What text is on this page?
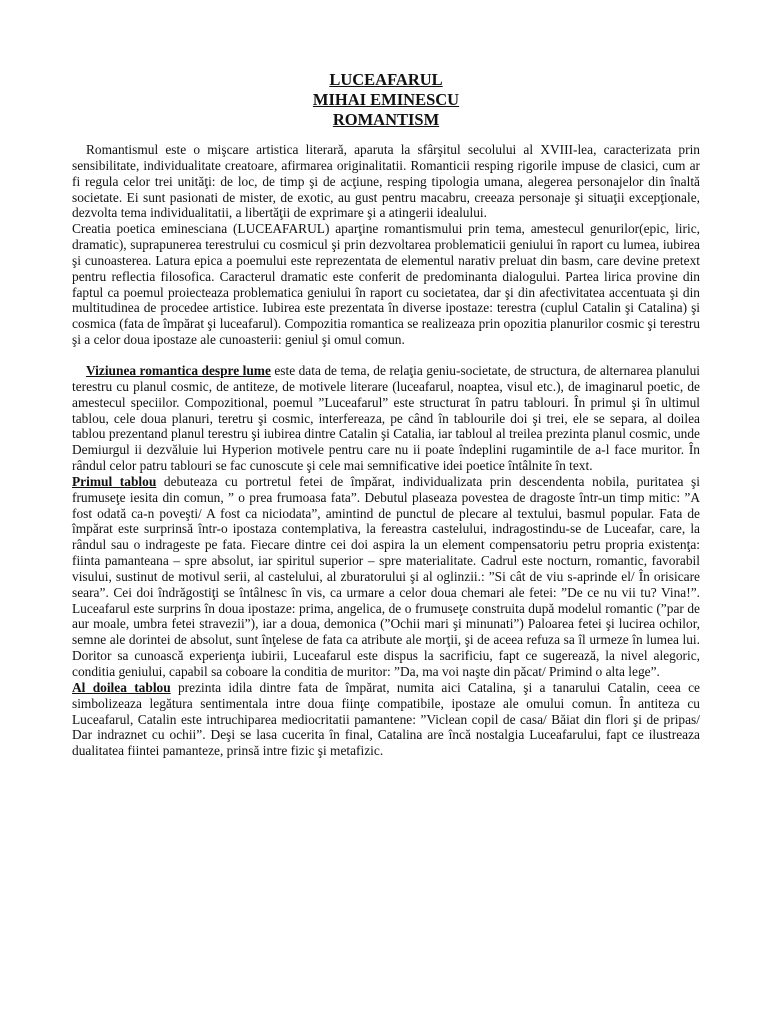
LUCEAFARUL
MIHAI EMINESCU
ROMANTISM

Romantismul este o mişcare artistica literară, aparuta la sfârşitul secolului al XVIII-lea, caracterizata prin sensibilitate, individualitate creatoare, afirmarea originalitatii. Romanticii resping rigorile impuse de clasici, cum ar fi regula celor trei unităţi: de loc, de timp şi de acţiune, resping tipologia umana, alegerea personajelor din înaltă societate. Ei sunt pasionati de mister, de exotic, au gust pentru macabru, creeaza personaje şi situaţii excepţionale, dezvolta tema individualitatii, a libertăţii de exprimare şi a atingerii idealului.

Creatia poetica eminesciana (LUCEAFARUL) aparţine romantismului prin tema, amestecul genurilor(epic, liric, dramatic), suprapunerea terestrului cu cosmicul şi prin dezvoltarea problematicii geniului în raport cu lumea, iubirea şi cunoasterea. Latura epica a poemului este reprezentata de elementul narativ preluat din basm, care devine pretext pentru reflectia filosofica. Caracterul dramatic este conferit de predominanta dialogului. Partea lirica provine din faptul ca poemul proiecteaza problematica geniului în raport cu societatea, dar şi din afectivitatea accentuata şi din multitudinea de procedee artistice. Iubirea este prezentata în diverse ipostaze: terestra (cuplul Catalin şi Catalina) şi cosmica (fata de împărat şi luceafarul). Compozitia romantica se realizeaza prin opozitia planurilor cosmic şi terestru şi a celor doua ipostaze ale cunoasterii: geniul şi omul comun.

Viziunea romantica despre lume este data de tema, de relaţia geniu-societate, de structura, de alternarea planului terestru cu planul cosmic, de antiteze, de motivele literare (luceafarul, noaptea, visul etc.), de imaginarul poetic, de amestecul speciilor. Compozitional, poemul ”Luceafarul” este structurat în patru tablouri. În primul şi în ultimul tablou, cele doua planuri, teretru şi cosmic, interfereaza, pe când în tablourile doi şi trei, ele se separa, al doilea tablou prezentand planul terestru şi iubirea dintre Catalin şi Catalia, iar tabloul al treilea prezinta planul cosmic, unde Demiurgul ii dezvăluie lui Hyperion motivele pentru care nu ii poate îndeplini rugamintile de a-l face muritor. În rândul celor patru tablouri se fac cunoscute şi cele mai semnificative idei poetice întâlnite în text.

Primul tablou debuteaza cu portretul fetei de împărat, individualizata prin descendenta nobila, puritatea şi frumuseţe iesita din comun, ” o prea frumoasa fata”. Debutul plaseaza povestea de dragoste într-un timp mitic: ”A fost odată ca-n poveşti/ A fost ca niciodata”, amintind de punctul de plecare al textului, basmul popular. Fata de împărat este surprinsă într-o ipostaza contemplativa, la fereastra castelului, indragostindu-se de Luceafar, care, la rândul sau o indrageste pe fata. Fiecare dintre cei doi aspira la un element compensatoriu petru propria existenţa: fiinta pamanteana – spre absolut, iar spiritul superior – spre materialitate. Cadrul este nocturn, romantic, favorabil visului, sustinut de motivul serii, al castelului, al zburatorului şi al oglinzii.: ”Si cât de viu s-aprinde el/ În orisicare seara”. Cei doi îndrăgostiţi se întâlnesc în vis, ca urmare a celor doua chemari ale fetei: ”De ce nu vii tu? Vina!”. Luceafarul este surprins în doua ipostaze: prima, angelica, de o frumuseţe construita după modelul romantic (”par de aur moale, umbra fetei stravezii”), iar a doua, demonica (”Ochii mari şi minunati”) Paloarea fetei şi lucirea ochilor, semne ale dorintei de absolut, sunt înţelese de fata ca atribute ale morţii, şi de aceea refuza sa îl urmeze în lumea lui. Doritor sa cunoască experienţa iubirii, Luceafarul este dispus la sacrificiu, fapt ce sugerează, la nivel alegoric, conditia geniului, capabil sa coboare la conditia de muritor: ”Da, ma voi naşte din păcat/ Primind o alta lege”.

Al doilea tablou prezinta idila dintre fata de împărat, numita aici Catalina, şi a tanarului Catalin, ceea ce simbolizeaza legătura sentimentala intre doua fiinţe compatibile, ipostaze ale omului comun. În antiteza cu Luceafarul, Catalin este intruchiparea mediocritatii pamantene: ”Viclean copil de casa/ Băiat din flori şi de pripas/ Dar indraznet cu ochii”. Deşi se lasa cucerita în final, Catalina are încă nostalgia Luceafarului, fapt ce ilustreaza dualitatea fiintei pamanteze, prinsă intre fizic şi metafizic.
